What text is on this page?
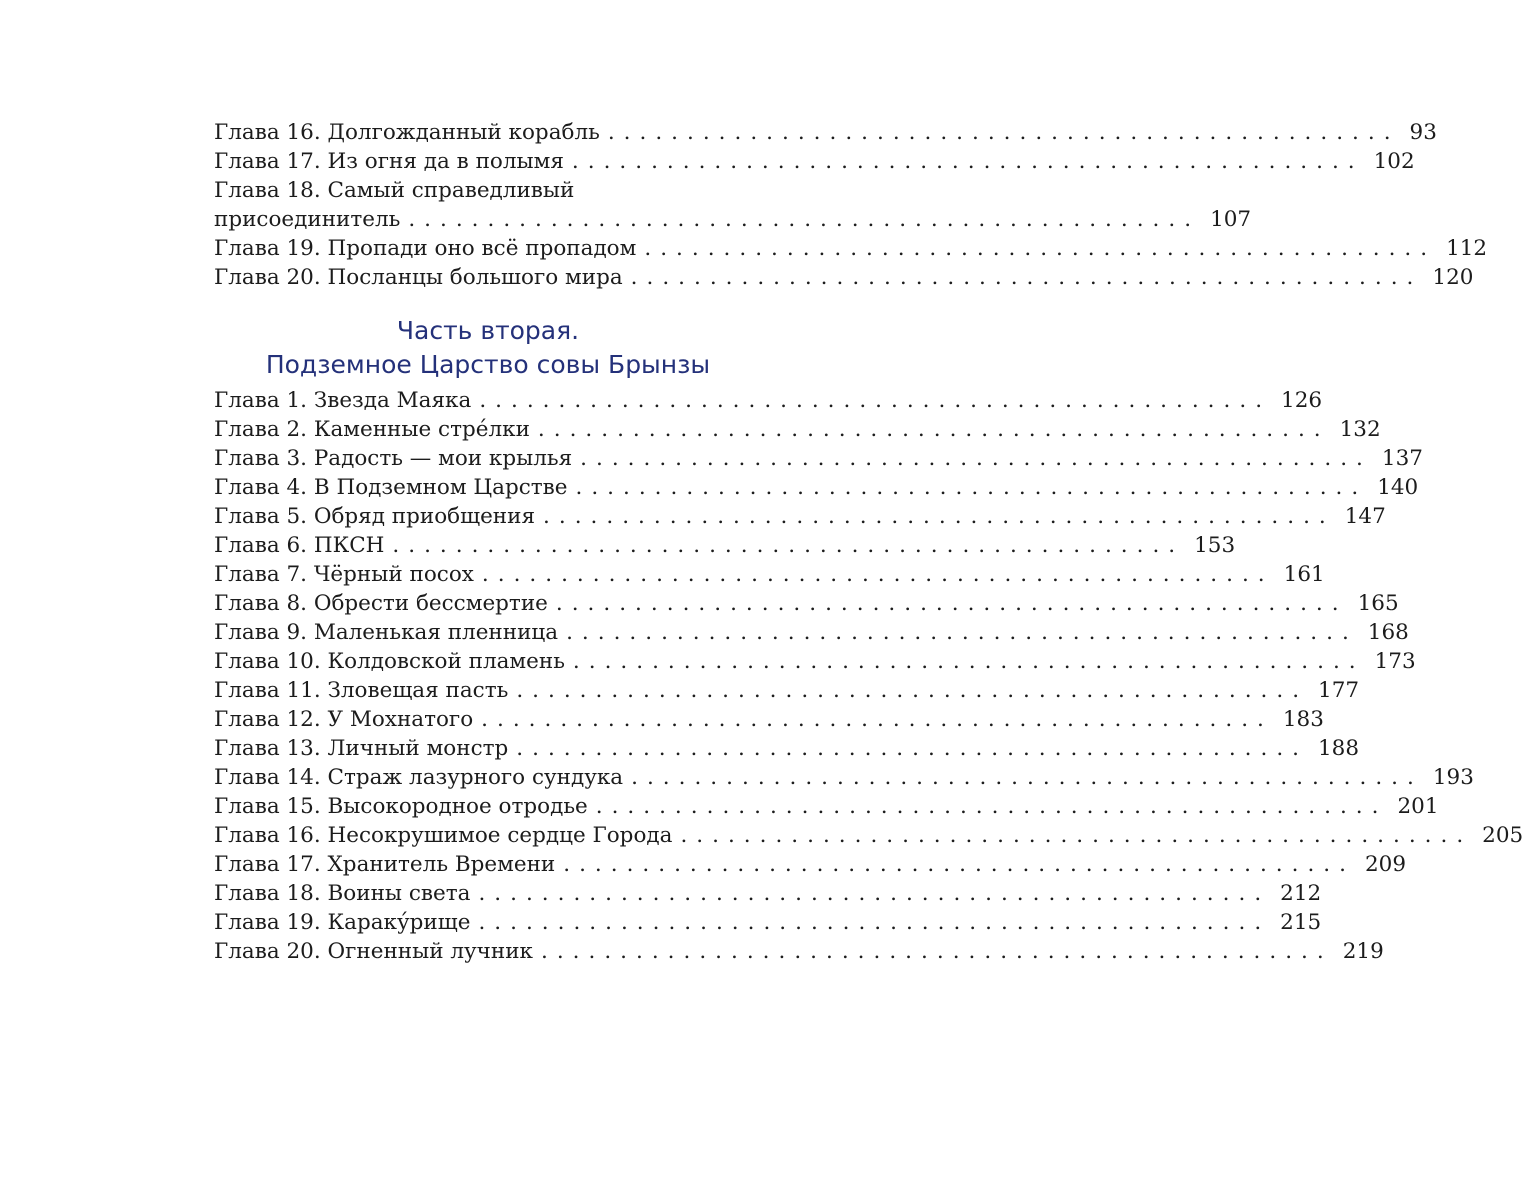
Глава 16. Долгожданный корабль .................................................. 93
Глава 17. Из огня да в полымя .................................................. 102
Глава 18. Самый справедливый
присоединитель .................................................. 107
Глава 19. Пропади оно всё пропадом .................................................. 112
Глава 20. Посланцы большого мира .................................................. 120
Часть вторая.
Подземное Царство совы Брынзы
Глава 1. Звезда Маяка .................................................. 126
Глава 2. Каменные стре́лки .................................................. 132
Глава 3. Радость — мои крылья .................................................. 137
Глава 4. В Подземном Царстве .................................................. 140
Глава 5. Обряд приобщения .................................................. 147
Глава 6. ПКСН .................................................. 153
Глава 7. Чёрный посох .................................................. 161
Глава 8. Обрести бессмертие .................................................. 165
Глава 9. Маленькая пленница .................................................. 168
Глава 10. Колдовской пламень .................................................. 173
Глава 11. Зловещая пасть .................................................. 177
Глава 12. У Мохнатого .................................................. 183
Глава 13. Личный монстр .................................................. 188
Глава 14. Страж лазурного сундука .................................................. 193
Глава 15. Высокородное отродье .................................................. 201
Глава 16. Несокрушимое сердце Города .................................................. 205
Глава 17. Хранитель Времени .................................................. 209
Глава 18. Воины света .................................................. 212
Глава 19. Караку́рище .................................................. 215
Глава 20. Огненный лучник .................................................. 219
